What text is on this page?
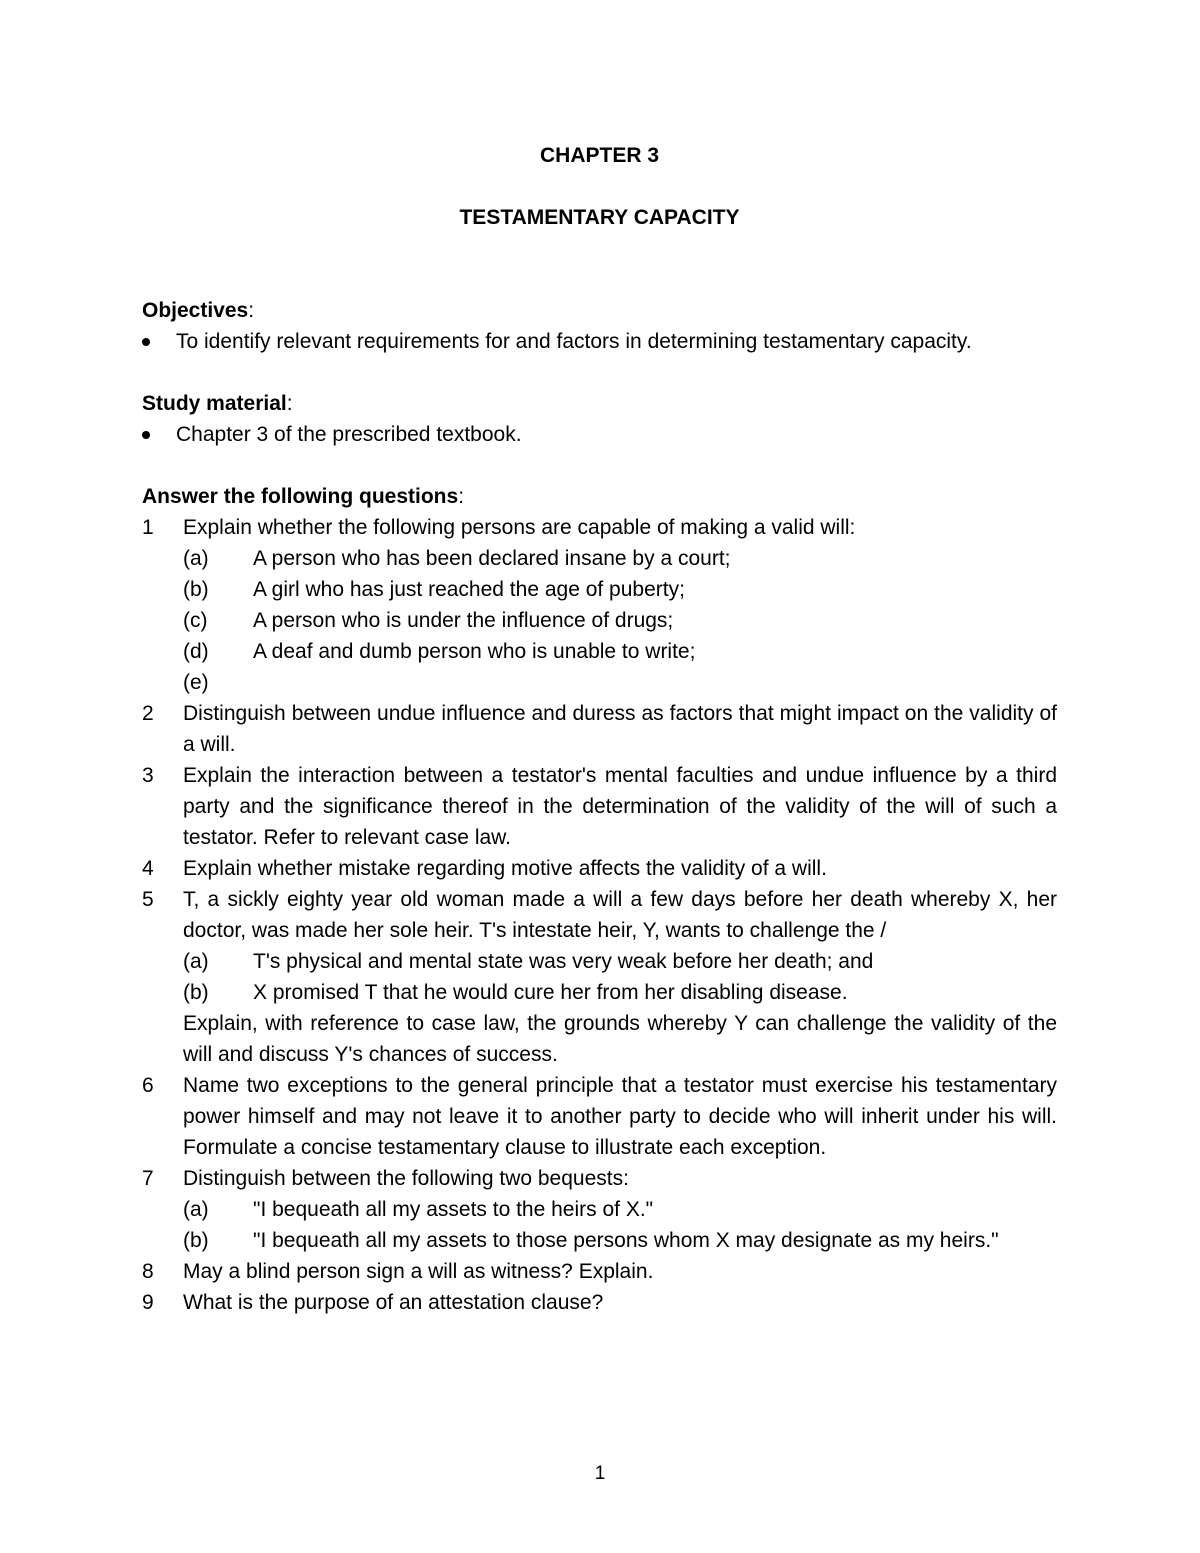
CHAPTER 3

TESTAMENTARY CAPACITY

Objectives:

To identify relevant requirements for and factors in determining testamentary capacity.

Study material:

Chapter 3 of the prescribed textbook.

Answer the following questions:

1 Explain whether the following persons are capable of making a valid will:
(a) A person who has been declared insane by a court;
(b) A girl who has just reached the age of puberty;
(c) A person who is under the influence of drugs;
(d) A deaf and dumb person who is unable to write;
(e)
2 Distinguish between undue influence and duress as factors that might impact on the validity of a will.
3 Explain the interaction between a testator's mental faculties and undue influence by a third party and the significance thereof in the determination of the validity of the will of such a testator. Refer to relevant case law.
4 Explain whether mistake regarding motive affects the validity of a will.
5 T, a sickly eighty year old woman made a will a few days before her death whereby X, her doctor, was made her sole heir. T's intestate heir, Y, wants to challenge the /
(a) T's physical and mental state was very weak before her death; and
(b) X promised T that he would cure her from her disabling disease.
Explain, with reference to case law, the grounds whereby Y can challenge the validity of the will and discuss Y's chances of success.
6 Name two exceptions to the general principle that a testator must exercise his testamentary power himself and may not leave it to another party to decide who will inherit under his will. Formulate a concise testamentary clause to illustrate each exception.
7 Distinguish between the following two bequests:
(a) "I bequeath all my assets to the heirs of X."
(b) "I bequeath all my assets to those persons whom X may designate as my heirs."
8 May a blind person sign a will as witness? Explain.
9 What is the purpose of an attestation clause?
1
